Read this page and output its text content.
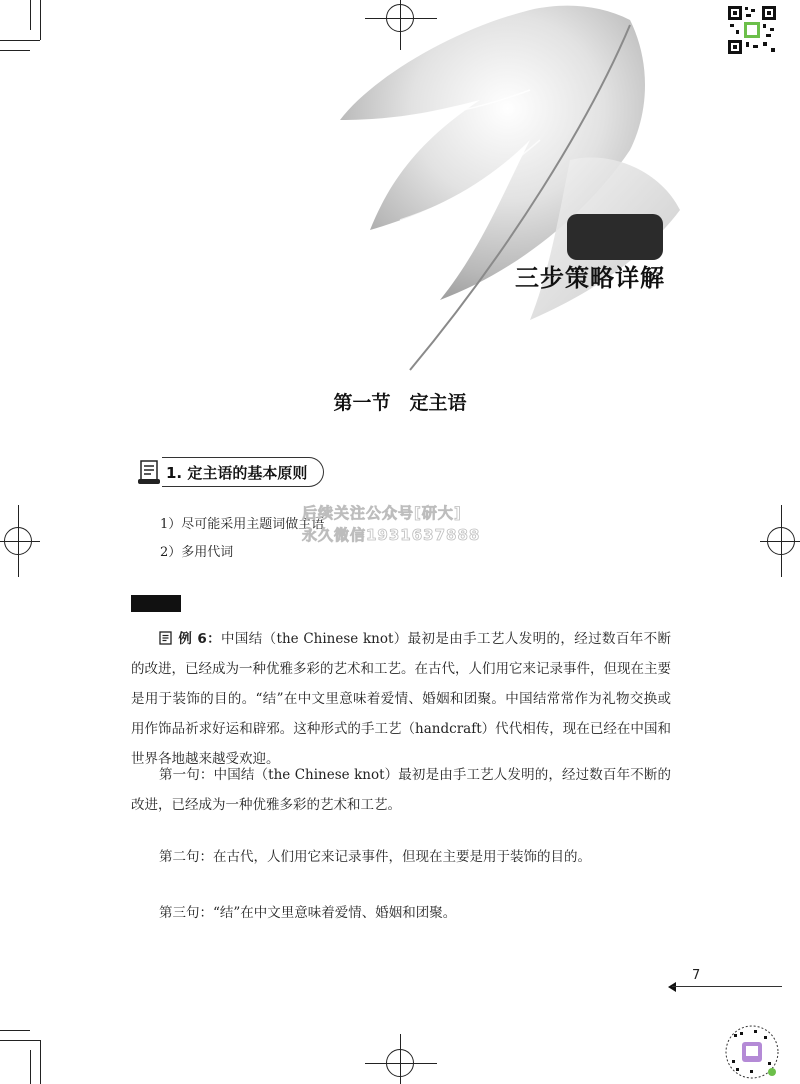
三步策略详解
第一节　定主语
1. 定主语的基本原则
1）尽可能采用主题词做主语
2）多用代词
后续关注公众号[研大]
永久微信1931637888
例 6：中国结（the Chinese knot）最初是由手工艺人发明的，经过数百年不断的改进，已经成为一种优雅多彩的艺术和工艺。在古代，人们用它来记录事件，但现在主要是用于装饰的目的。“结”在中文里意味着爱情、婚姻和团聚。中国结常常作为礼物交换或用作饰品祈求好运和辟邪。这种形式的手工艺（handcraft）代代相传，现在已经在中国和世界各地越来越受欢迎。
第一句：中国结（the Chinese knot）最初是由手工艺人发明的，经过数百年不断的改进，已经成为一种优雅多彩的艺术和工艺。
第二句：在古代，人们用它来记录事件，但现在主要是用于装饰的目的。
第三句：“结”在中文里意味着爱情、婚姻和团聚。
7
